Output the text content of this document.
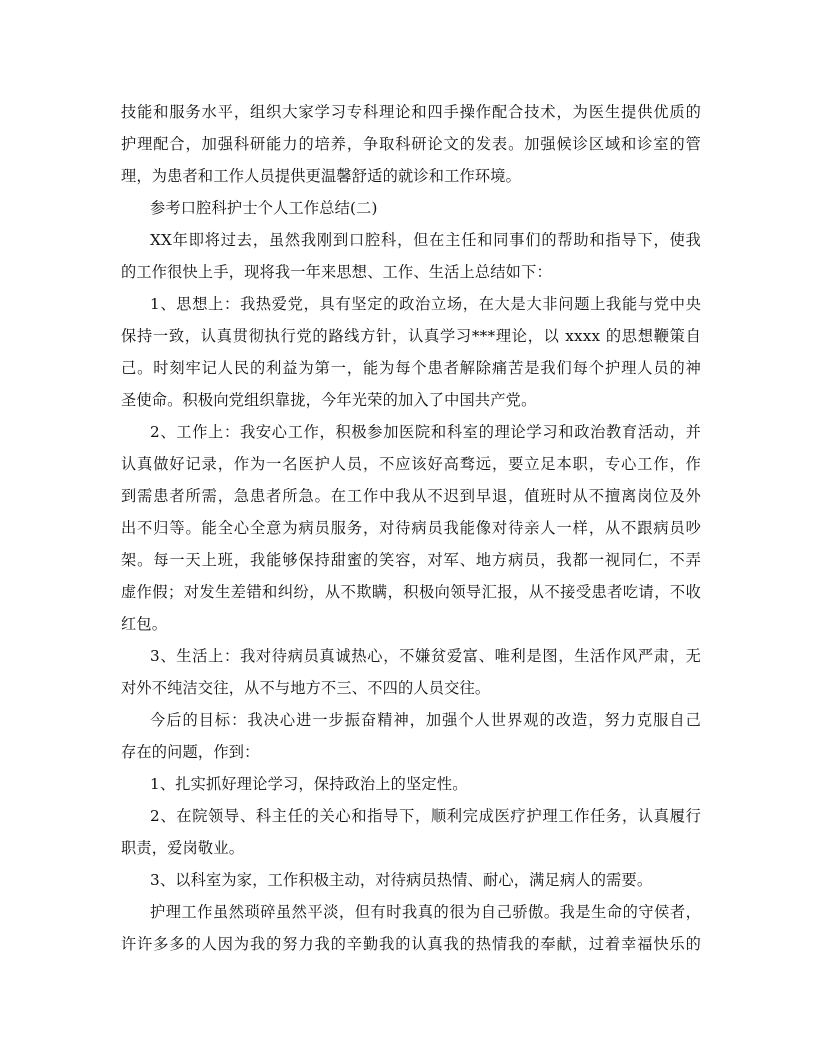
技能和服务水平，组织大家学习专科理论和四手操作配合技术，为医生提供优质的
护理配合，加强科研能力的培养，争取科研论文的发表。加强候诊区域和诊室的管
理，为患者和工作人员提供更温馨舒适的就诊和工作环境。
参考口腔科护士个人工作总结(二)
XX年即将过去，虽然我刚到口腔科，但在主任和同事们的帮助和指导下，使我
的工作很快上手，现将我一年来思想、工作、生活上总结如下：
1、思想上：我热爱党，具有坚定的政治立场，在大是大非问题上我能与党中央
保持一致，认真贯彻执行党的路线方针，认真学习***理论，以 xxxx 的思想鞭策自
己。时刻牢记人民的利益为第一，能为每个患者解除痛苦是我们每个护理人员的神
圣使命。积极向党组织靠拢，今年光荣的加入了中国共产党。
2、工作上：我安心工作，积极参加医院和科室的理论学习和政治教育活动，并
认真做好记录，作为一名医护人员，不应该好高骛远，要立足本职，专心工作，作
到需患者所需，急患者所急。在工作中我从不迟到早退，值班时从不擅离岗位及外
出不归等。能全心全意为病员服务，对待病员我能像对待亲人一样，从不跟病员吵
架。每一天上班，我能够保持甜蜜的笑容，对军、地方病员，我都一视同仁，不弄
虚作假；对发生差错和纠纷，从不欺瞒，积极向领导汇报，从不接受患者吃请，不收
红包。
3、生活上：我对待病员真诚热心，不嫌贫爱富、唯利是图，生活作风严肃，无
对外不纯洁交往，从不与地方不三、不四的人员交往。
今后的目标：我决心进一步振奋精神，加强个人世界观的改造，努力克服自己
存在的问题，作到：
1、扎实抓好理论学习，保持政治上的坚定性。
2、在院领导、科主任的关心和指导下，顺利完成医疗护理工作任务，认真履行
职责，爱岗敬业。
3、以科室为家，工作积极主动，对待病员热情、耐心，满足病人的需要。
护理工作虽然琐碎虽然平淡，但有时我真的很为自己骄傲。我是生命的守侯者，
许许多多的人因为我的努力我的辛勤我的认真我的热情我的奉献，过着幸福快乐的
